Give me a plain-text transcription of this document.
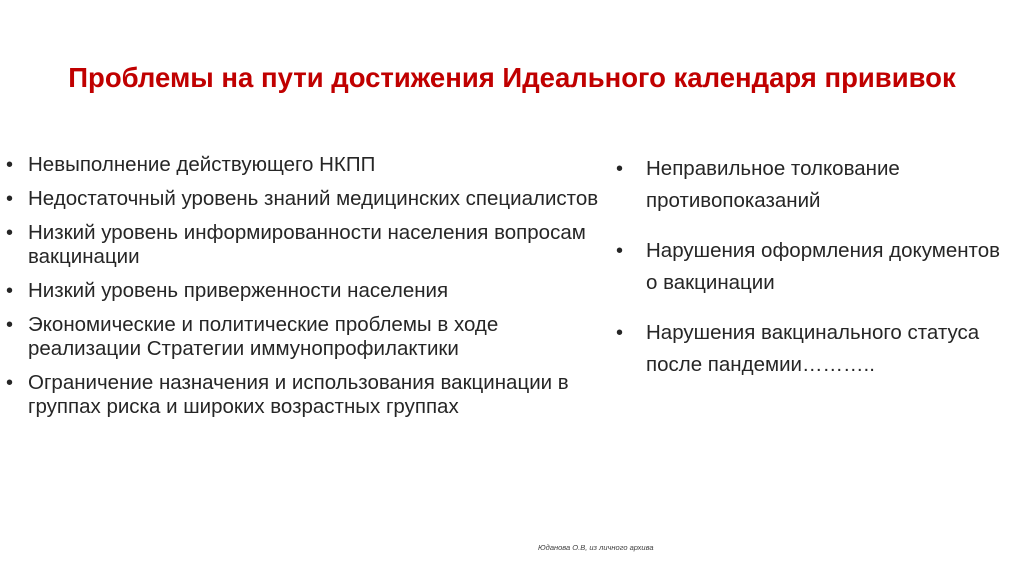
Проблемы на пути достижения Идеального календаря прививок
• Невыполнение действующего НКПП
• Недостаточный уровень знаний медицинских специалистов
• Низкий уровень информированности населения вопросам вакцинации
• Низкий уровень приверженности населения
• Экономические и политические проблемы в ходе реализации Стратегии иммунопрофилактики
• Ограничение назначения и использования вакцинации в группах риска и широких возрастных группах
• Неправильное толкование противопоказаний
• Нарушения оформления документов о вакцинации
• Нарушения вакцинального статуса после пандемии………..
Юданова О.В, из личного архива
